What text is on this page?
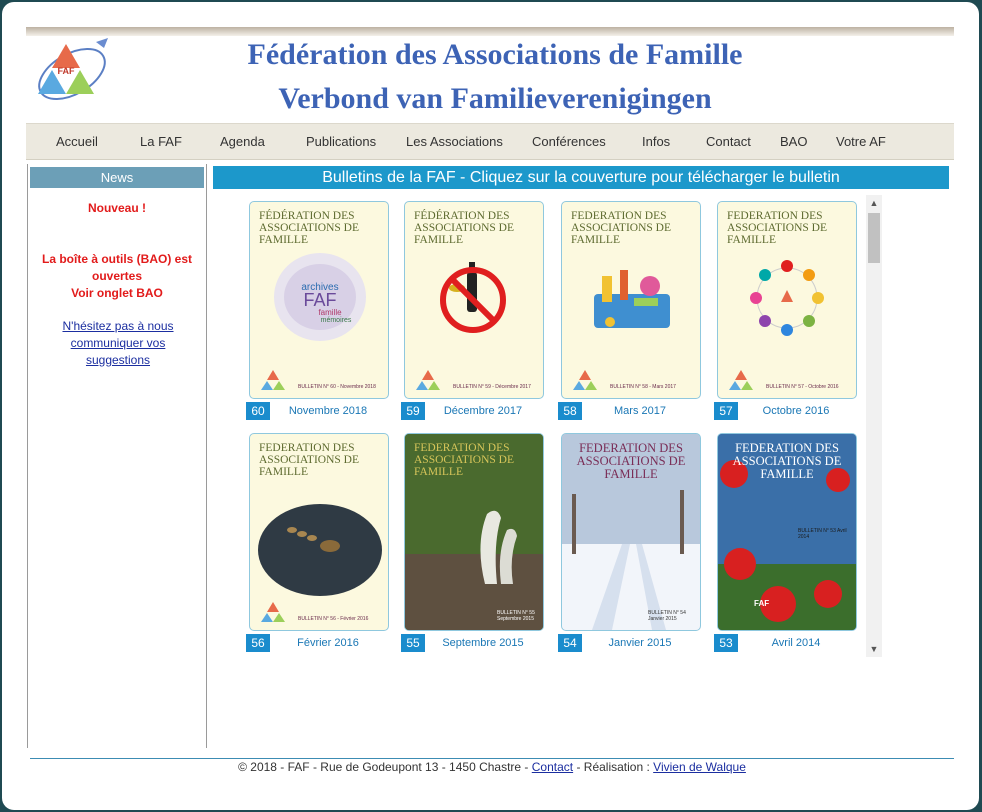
FAF	Fédération des Associations de Famille
Verbond van Familieverenigingen
Accueil	La FAF	Agenda	Publications Les Associations Conférences	Infos	Contact BAO Votre AF
News
Nouveau !
La boîte à outils (BAO) est ouvertes
Voir onglet BAO
N'hésitez pas à nous communiquer vos suggestions
Bulletins de la FAF - Cliquez sur la couverture pour télécharger le bulletin
FÉDÉRATION DES ASSOCIATIONS DE FAMILLE
FAF
archives
famille
mémoires
BULLETIN N° 60 - Novembre 2018
60	Novembre 2018
FÉDÉRATION DES ASSOCIATIONS DE FAMILLE
BULLETIN N° 59 - Décembre 2017
59	Décembre 2017
FEDERATION DES ASSOCIATIONS DE FAMILLE
BULLETIN N° 58 - Mars 2017
58	Mars 2017
FEDERATION DES ASSOCIATIONS DE FAMILLE
BULLETIN N° 57 - Octobre 2016
57	Octobre 2016
FEDERATION DES ASSOCIATIONS DE FAMILLE
BULLETIN N° 56 - Février 2016
56	Février 2016
FEDERATION DES ASSOCIATIONS DE FAMILLE
BULLETIN N° 55 Septembre 2015
55	Septembre 2015
FEDERATION DES ASSOCIATIONS DE FAMILLE
BULLETIN N° 54 Janvier 2015
54	Janvier 2015
FAF
FEDERATION DES ASSOCIATIONS DE FAMILLE
BULLETIN N° 53 Avril 2014
53	Avril 2014
▲
▼
© 2018 - FAF - Rue de Godeupont 13 - 1450 Chastre - Contact - Réalisation : Vivien de Walque
